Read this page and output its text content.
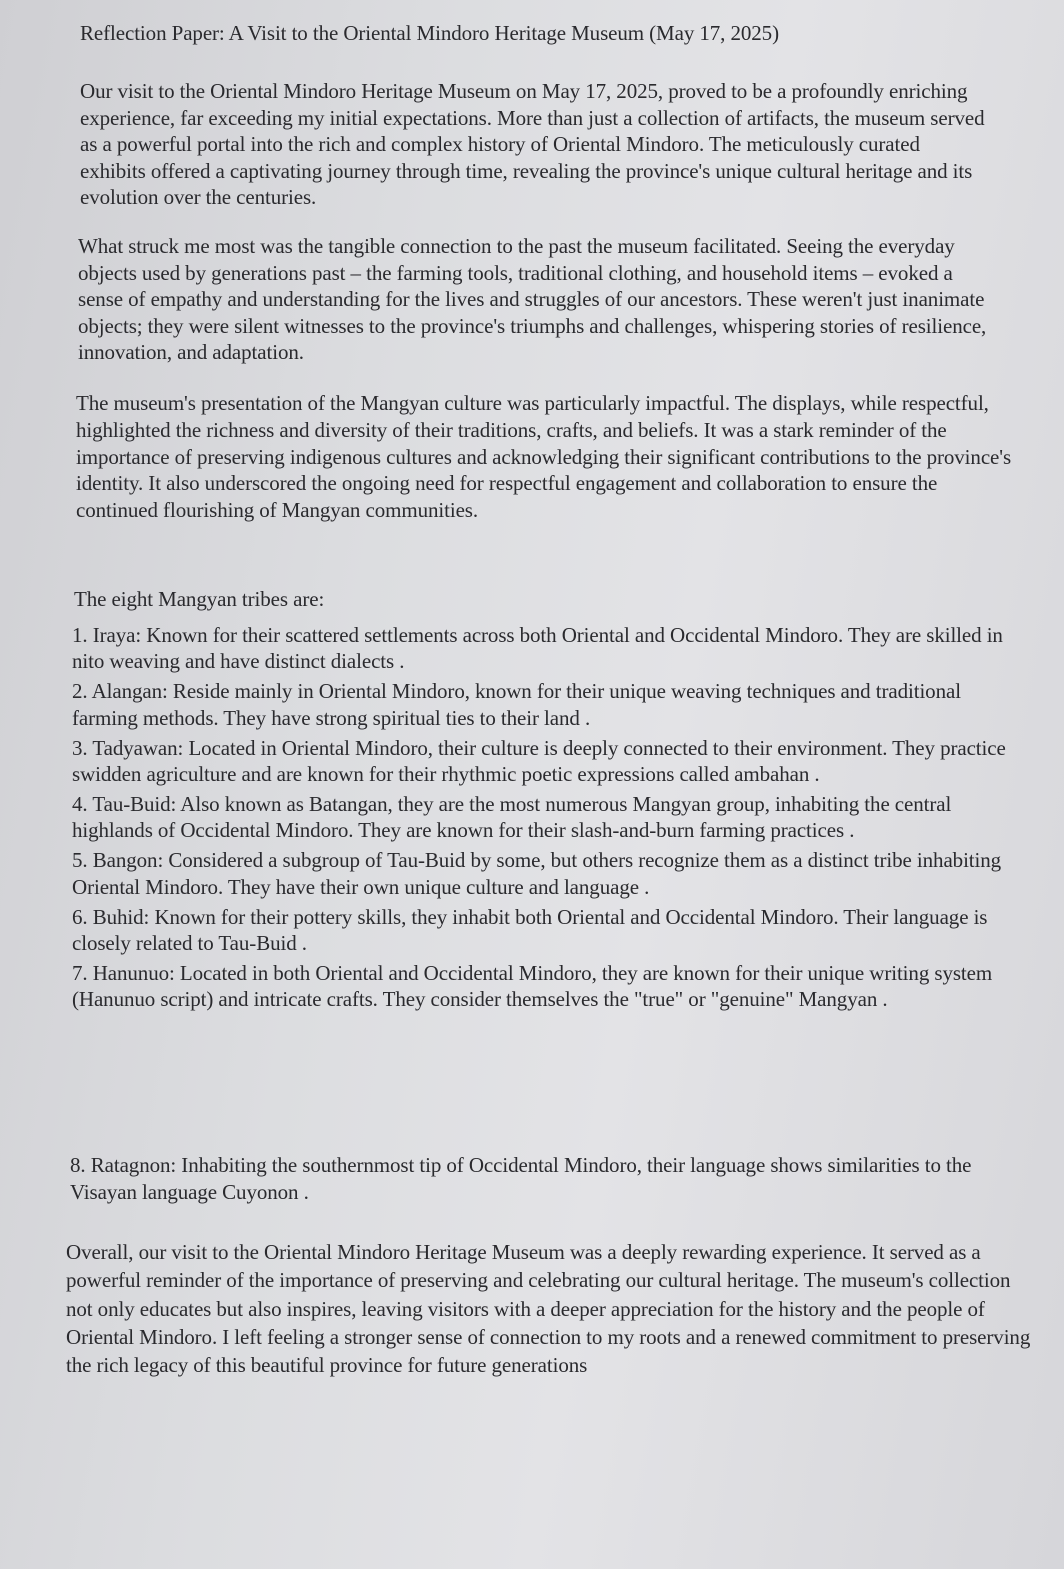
Reflection Paper: A Visit to the Oriental Mindoro Heritage Museum (May 17, 2025)

Our visit to the Oriental Mindoro Heritage Museum on May 17, 2025, proved to be a profoundly enriching experience, far exceeding my initial expectations. More than just a collection of artifacts, the museum served as a powerful portal into the rich and complex history of Oriental Mindoro. The meticulously curated exhibits offered a captivating journey through time, revealing the province's unique cultural heritage and its evolution over the centuries.

What struck me most was the tangible connection to the past the museum facilitated. Seeing the everyday objects used by generations past – the farming tools, traditional clothing, and household items – evoked a sense of empathy and understanding for the lives and struggles of our ancestors. These weren't just inanimate objects; they were silent witnesses to the province's triumphs and challenges, whispering stories of resilience, innovation, and adaptation.

The museum's presentation of the Mangyan culture was particularly impactful. The displays, while respectful, highlighted the richness and diversity of their traditions, crafts, and beliefs. It was a stark reminder of the importance of preserving indigenous cultures and acknowledging their significant contributions to the province's identity. It also underscored the ongoing need for respectful engagement and collaboration to ensure the continued flourishing of Mangyan communities.

The eight Mangyan tribes are:

1. Iraya: Known for their scattered settlements across both Oriental and Occidental Mindoro. They are skilled in nito weaving and have distinct dialects .

2. Alangan: Reside mainly in Oriental Mindoro, known for their unique weaving techniques and traditional farming methods. They have strong spiritual ties to their land .

3. Tadyawan: Located in Oriental Mindoro, their culture is deeply connected to their environment. They practice swidden agriculture and are known for their rhythmic poetic expressions called ambahan .

4. Tau-Buid: Also known as Batangan, they are the most numerous Mangyan group, inhabiting the central highlands of Occidental Mindoro. They are known for their slash-and-burn farming practices .

5. Bangon: Considered a subgroup of Tau-Buid by some, but others recognize them as a distinct tribe inhabiting Oriental Mindoro. They have their own unique culture and language .

6. Buhid: Known for their pottery skills, they inhabit both Oriental and Occidental Mindoro. Their language is closely related to Tau-Buid .

7. Hanunuo: Located in both Oriental and Occidental Mindoro, they are known for their unique writing system (Hanunuo script) and intricate crafts. They consider themselves the "true" or "genuine" Mangyan .

8. Ratagnon: Inhabiting the southernmost tip of Occidental Mindoro, their language shows similarities to the Visayan language Cuyonon .

Overall, our visit to the Oriental Mindoro Heritage Museum was a deeply rewarding experience. It served as a powerful reminder of the importance of preserving and celebrating our cultural heritage. The museum's collection not only educates but also inspires, leaving visitors with a deeper appreciation for the history and the people of Oriental Mindoro. I left feeling a stronger sense of connection to my roots and a renewed commitment to preserving the rich legacy of this beautiful province for future generations
